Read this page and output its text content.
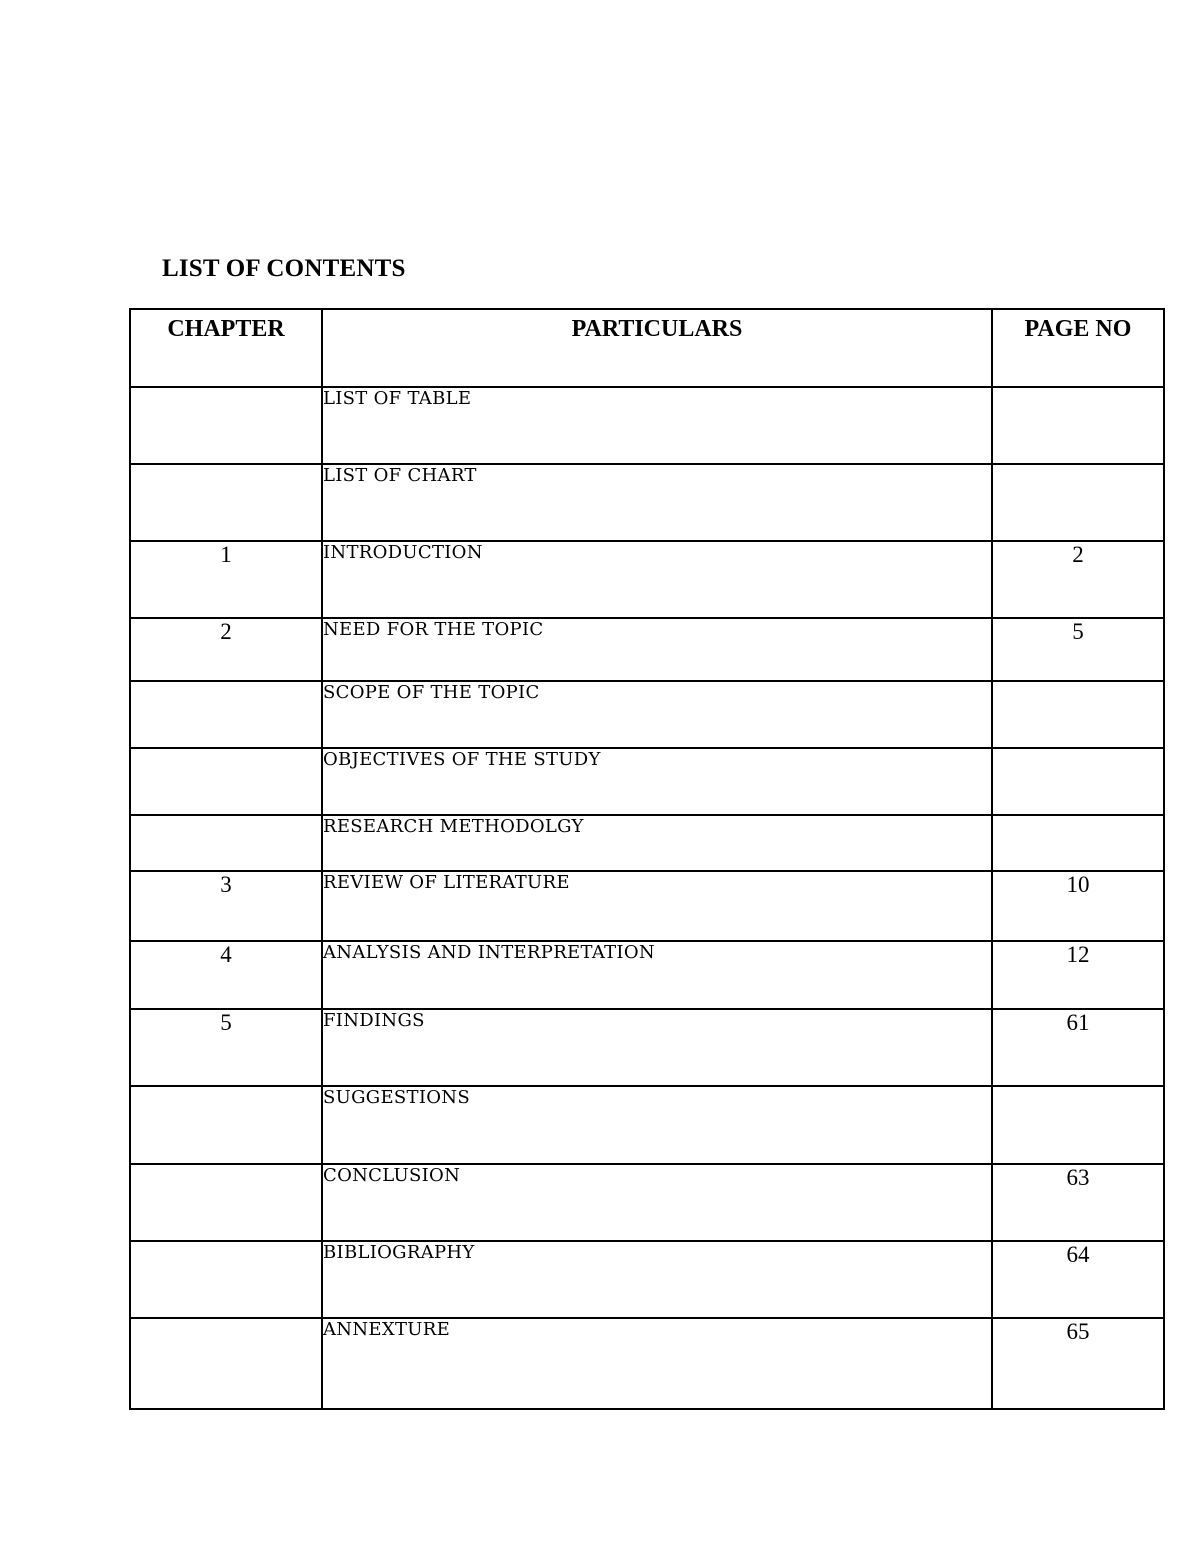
LIST OF CONTENTS
CHAPTER	PARTICULARS	PAGE NO
	LIST OF TABLE	
	LIST OF CHART	
1	INTRODUCTION	2
2	NEED FOR THE TOPIC	5
	SCOPE OF THE TOPIC	
	OBJECTIVES OF THE STUDY	
	RESEARCH METHODOLGY	
3	REVIEW OF LITERATURE	10
4	ANALYSIS AND INTERPRETATION	12
5	FINDINGS	61
	SUGGESTIONS	
	CONCLUSION	63
	BIBLIOGRAPHY	64
	ANNEXTURE	65
